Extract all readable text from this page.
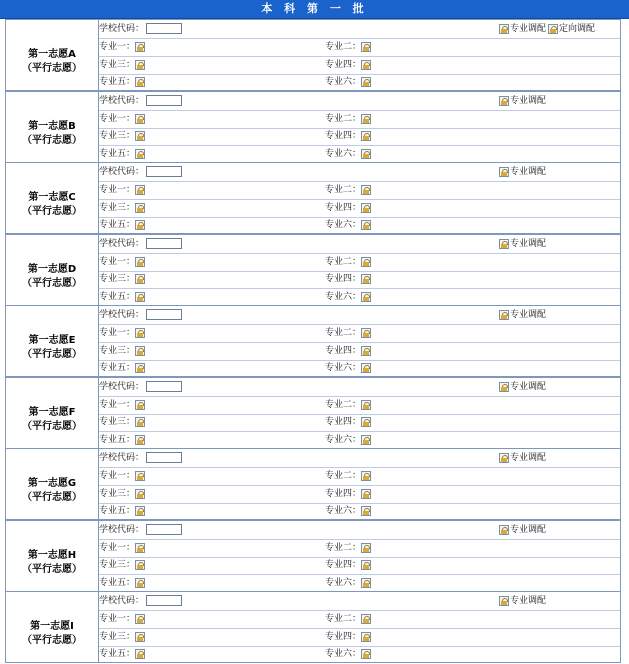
本 科 第 一 批
第一志愿A
（平行志愿）
学校代码：	专业调配 定向调配
专业一：	专业二：
专业三：	专业四：
专业五：	专业六：
第一志愿B
（平行志愿）
学校代码：	专业调配
专业一：	专业二：
专业三：	专业四：
专业五：	专业六：
第一志愿C
（平行志愿）
学校代码：	专业调配
专业一：	专业二：
专业三：	专业四：
专业五：	专业六：
第一志愿D
（平行志愿）
学校代码：	专业调配
专业一：	专业二：
专业三：	专业四：
专业五：	专业六：
第一志愿E
（平行志愿）
学校代码：	专业调配
专业一：	专业二：
专业三：	专业四：
专业五：	专业六：
第一志愿F
（平行志愿）
学校代码：	专业调配
专业一：	专业二：
专业三：	专业四：
专业五：	专业六：
第一志愿G
（平行志愿）
学校代码：	专业调配
专业一：	专业二：
专业三：	专业四：
专业五：	专业六：
第一志愿H
（平行志愿）
学校代码：	专业调配
专业一：	专业二：
专业三：	专业四：
专业五：	专业六：
第一志愿I
（平行志愿）
学校代码：	专业调配
专业一：	专业二：
专业三：	专业四：
专业五：	专业六：
